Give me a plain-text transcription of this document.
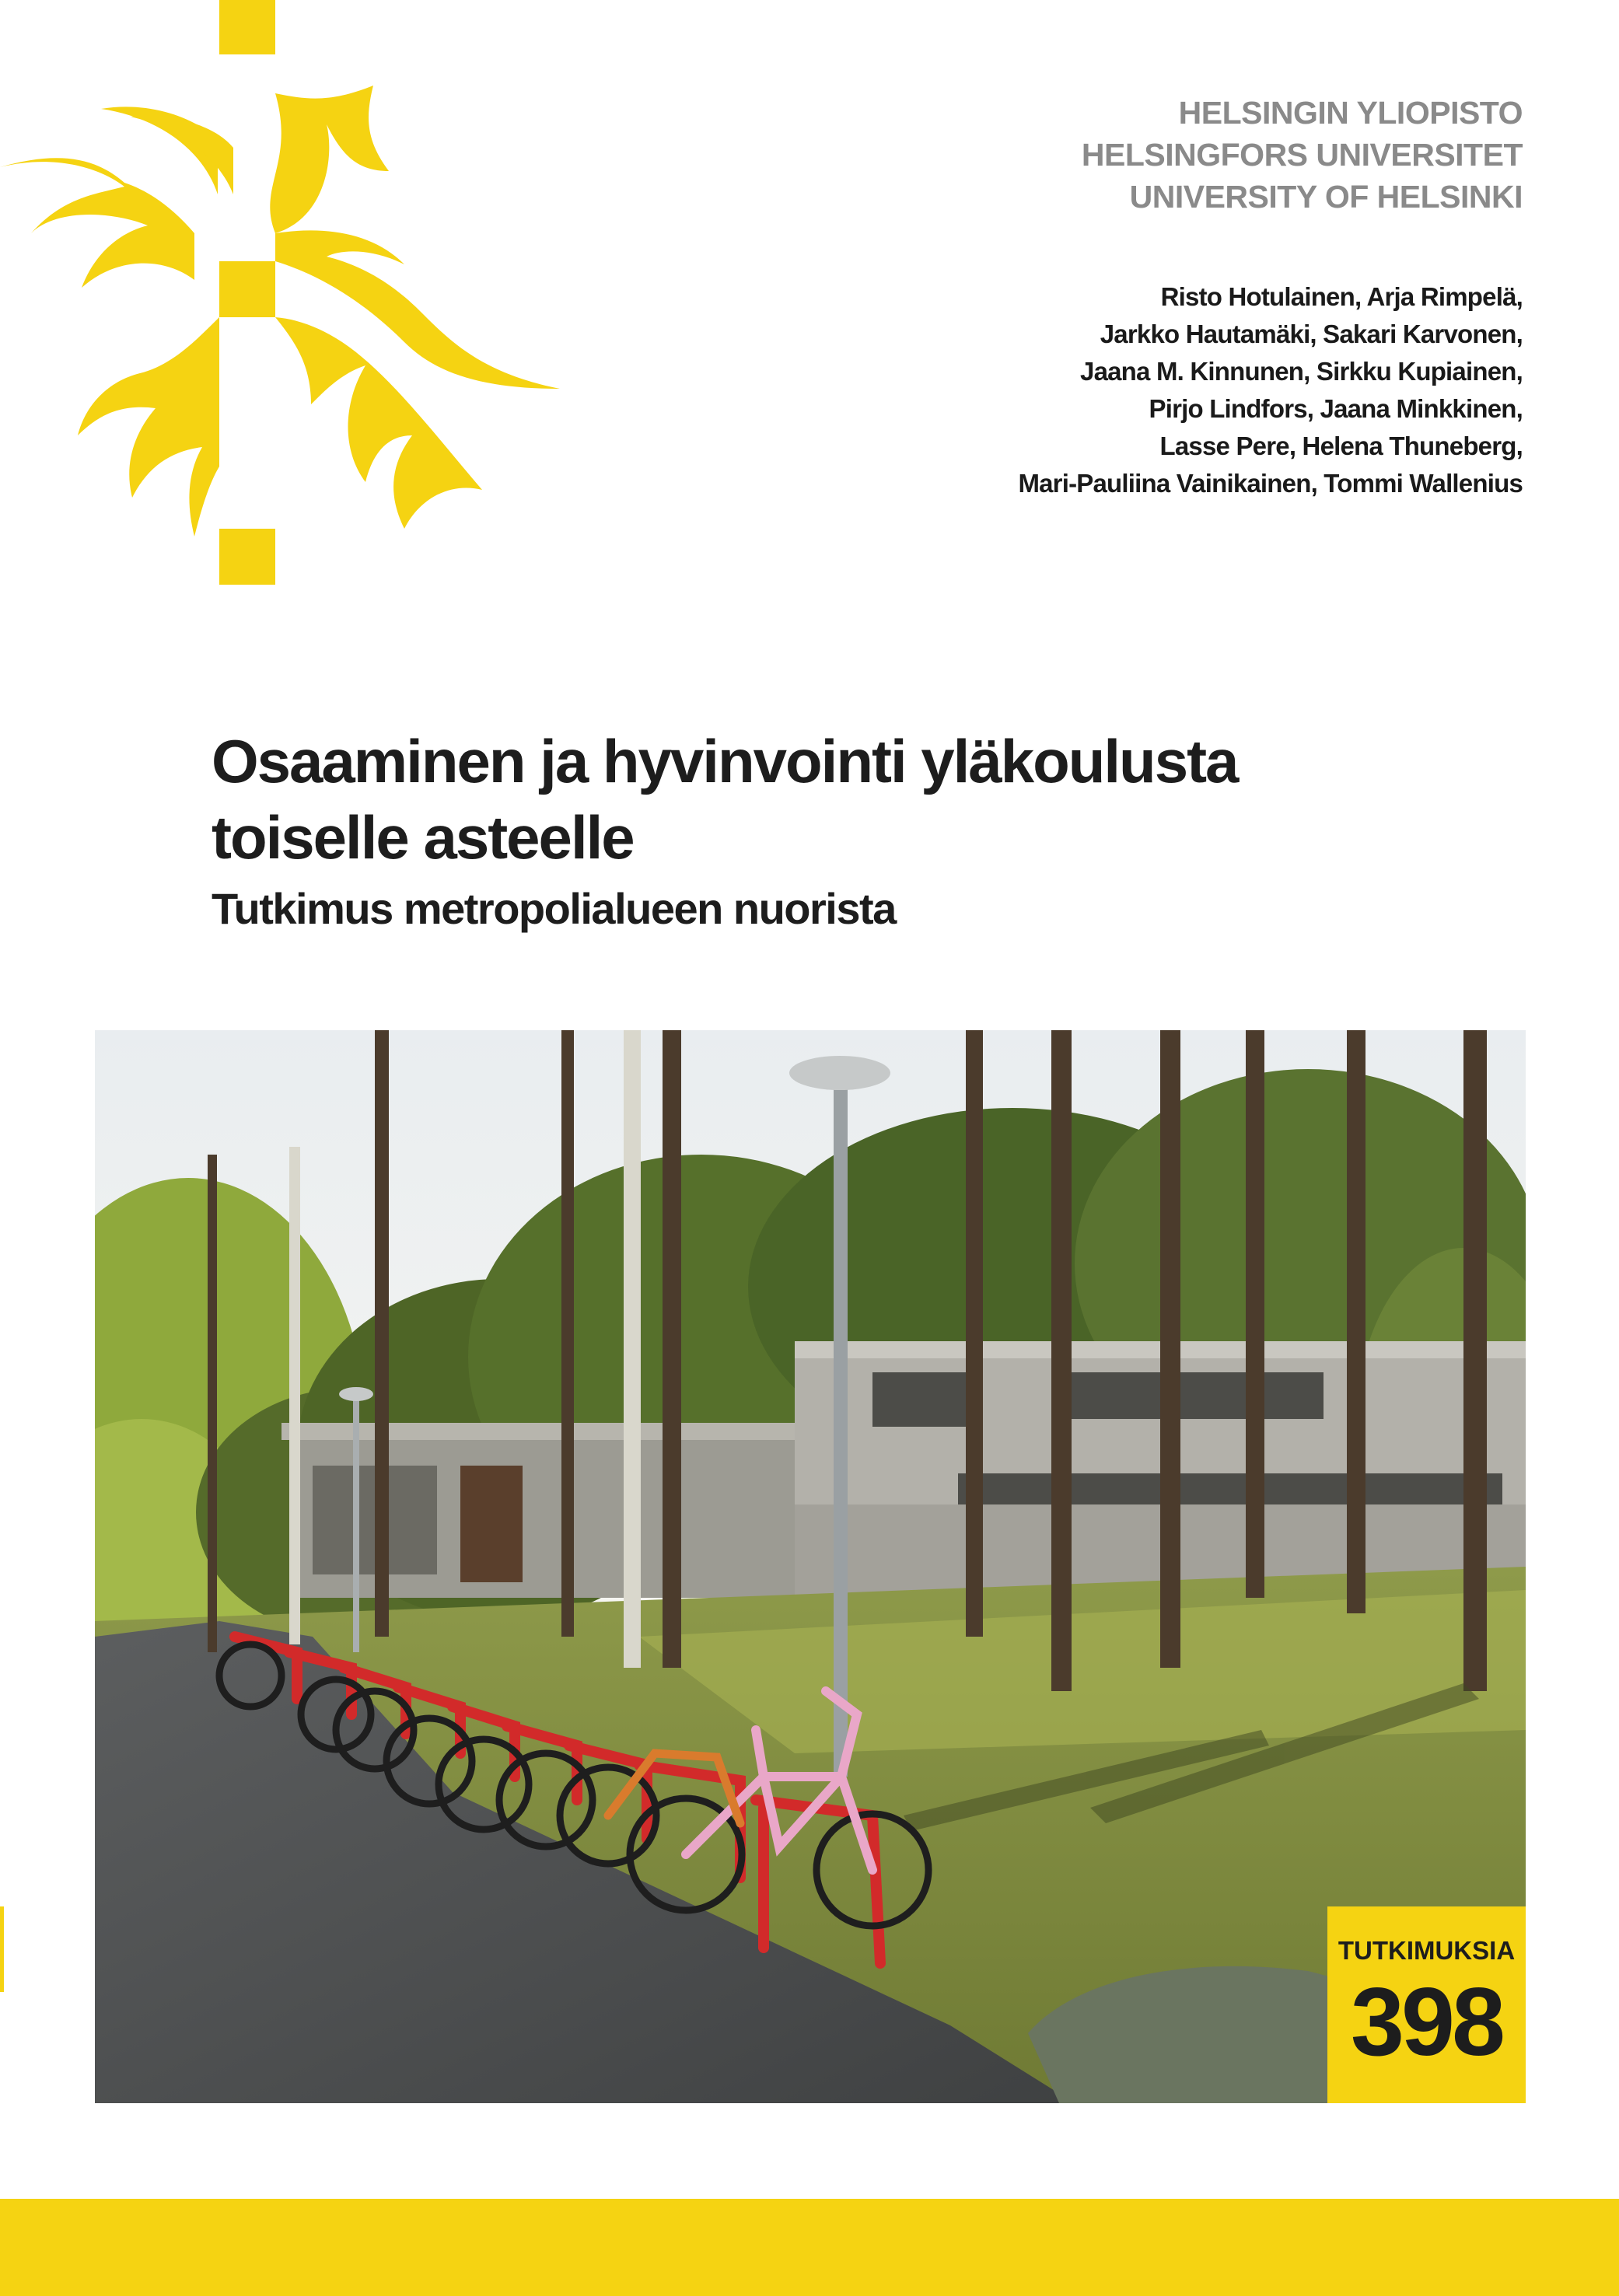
HELSINGIN YLIOPISTO
HELSINGFORS UNIVERSITET
UNIVERSITY OF HELSINKI
Risto Hotulainen, Arja Rimpelä,
Jarkko Hautamäki, Sakari Karvonen,
Jaana M. Kinnunen, Sirkku Kupiainen,
Pirjo Lindfors, Jaana Minkkinen,
Lasse Pere, Helena Thuneberg,
Mari-Pauliina Vainikainen, Tommi Wallenius
Osaaminen ja hyvinvointi yläkoulusta
toiselle asteelle
Tutkimus metropolialueen nuorista
TUTKIMUKSIA
398
